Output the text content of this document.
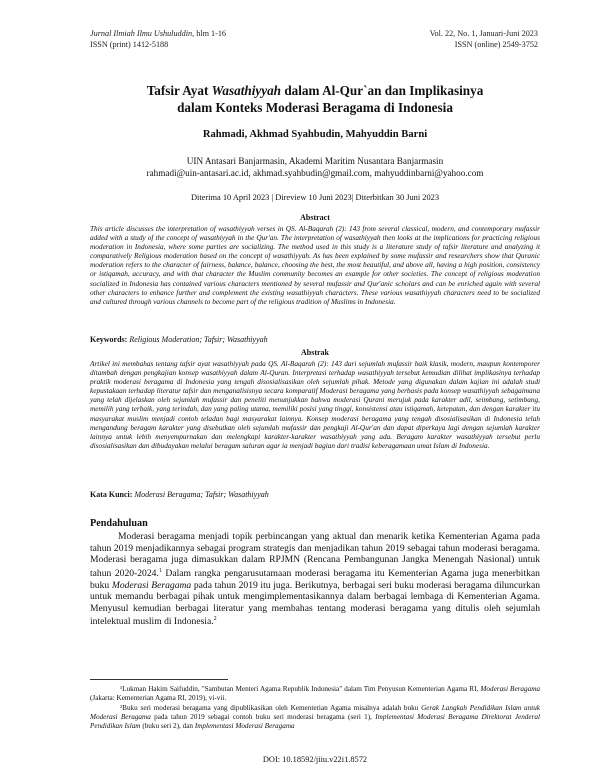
Jurnal Ilmiah Ilmu Ushuluddin, hlm 1-16
ISSN (print) 1412-5188
Vol. 22, No. 1, Januari-Juni 2023
ISSN (online) 2549-3752
Tafsir Ayat Wasathiyyah dalam Al-Qur`an dan Implikasinya
dalam Konteks Moderasi Beragama di Indonesia
Rahmadi, Akhmad Syahbudin, Mahyuddin Barni
UIN Antasari Banjarmasin, Akademi Maritim Nusantara Banjarmasin
rahmadi@uin-antasari.ac.id, akhmad.syahbudin@gmail.com, mahyuddinbarni@yahoo.com
Diterima 10 April 2023 | Direview 10 Juni 2023| Diterbitkan 30 Juni 2023
Abstract
This article discusses the interpretation of wasathiyyah verses in QS. Al-Baqarah (2): 143 from several classical, modern, and contemporary mufassir added with a study of the concept of wasathiyyah in the Qur'an. The interpretation of wasathiyyah then looks at the implications for practicing religious moderation in Indonesia, where some parties are socializing. The method used in this study is a literature study of tafsir literature and analyzing it comparatively Religious moderation based on the concept of wasathiyyah. As has been explained by some mufassir and researchers show that Quranic moderation refers to the character of fairness, balance, balance, choosing the best, the most beautiful, and above all, having a high position, consistency or istiqamah, accuracy, and with that character the Muslim community becomes an example for other societies. The concept of religious moderation socialized in Indonesia has contained various characters mentioned by several mufassir and Qur'anic scholars and can be enriched again with several other characters to enhance further and complement the existing wasathiyyah characters. These various wasathiyyah characters need to be socialized and cultured through various channels to become part of the religious tradition of Muslims in Indonesia.
Keywords: Religious Moderation; Tafsir; Wasathiyyah
Abstrak
Artikel ini membahas tentang tafsir ayat wasathiyyah pada QS. Al-Baqarah (2): 143 dari sejumlah mufassir baik klasik, modern, maupun kontemporer ditambah dengan pengkajian konsep wasathiyyah dalam Al-Quran. Interpretasi terhadap wasathiyyah tersebut kemudian dilihat implikasinya terhadap praktik moderasi beragama di Indonesia yang tengah disosialisasikan oleh sejumlah pihak. Metode yang digunakan dalam kajian ini adalah studi kepustakaan terhadap literatur tafsir dan menganalisisnya secara komparatif Moderasi beragama yang berbasis pada konsep wasathiyyah sebagaimana yang telah dijelaskan oleh sejumlah mufassir dan peneliti menunjukkan bahwa moderasi Qurani merujuk pada karakter adil, seimbang, setimbang, memilih yang terbaik, yang terindah, dan yang paling utama, memiliki posisi yang tinggi, konsistensi atau istiqamah, ketepatan, dan dengan karakter itu masyarakat muslim menjadi contoh teladan bagi masyarakat lainnya. Konsep moderasi beragama yang tengah disosialisasikan di Indonesia telah mengandung beragam karakter yang disebutkan oleh sejumlah mufassir dan pengkaji Al-Qur'an dan dapat diperkaya lagi dengan sejumlah karakter lainnya untuk lebih menyempurnakan dan melengkapi karakter-karakter wasathiyyah yang ada. Beragam karakter wasathiyyah tersebut perlu disosialisasikan dan dibudayakan melalui beragam saluran agar ia menjadi bagian dari tradisi keberagamaan umat Islam di Indonesia.
Kata Kunci: Moderasi Beragama; Tafsir; Wasathiyyah
Pendahuluan
Moderasi beragama menjadi topik perbincangan yang aktual dan menarik ketika Kementerian Agama pada tahun 2019 menjadikannya sebagai program strategis dan menjadikan tahun 2019 sebagai tahun moderasi beragama. Moderasi beragama juga dimasukkan dalam RPJMN (Rencana Pembangunan Jangka Menengah Nasional) untuk tahun 2020-2024.$^1$ Dalam rangka pengarusutamaan moderasi beragama itu Kementerian Agama juga menerbitkan buku Moderasi Beragama pada tahun 2019 itu juga. Berikutnya, berbagai seri buku moderasi beragama diluncurkan untuk memandu berbagai pihak untuk mengimplementasikannya dalam berbagai lembaga di Kementerian Agama. Menyusul kemudian berbagai literatur yang membahas tentang moderasi beragama yang ditulis oleh sejumlah intelektual muslim di Indonesia.$^2$
¹Lukman Hakim Saifuddin, "Sambutan Menteri Agama Republik Indonesia" dalam Tim Penyusun Kementerian Agama RI, Moderasi Beragama (Jakarta: Kementerian Agama RI, 2019), vi-vii.
²Buku seri moderasi beragama yang dipublikasikan oleh Kementerian Agama misalnya adalah buku Gerak Langkah Pendidikan Islam untuk Moderasi Beragama pada tahun 2019 sebagai contoh buku seri moderasi beragama (seri 1), Implementasi Moderasi Beragama Direktorat Jenderal Pendidikan Islam (buku seri 2), dan Implementasi Moderasi Beragama
DOI: 10.18592/jiiu.v22i1.8572
